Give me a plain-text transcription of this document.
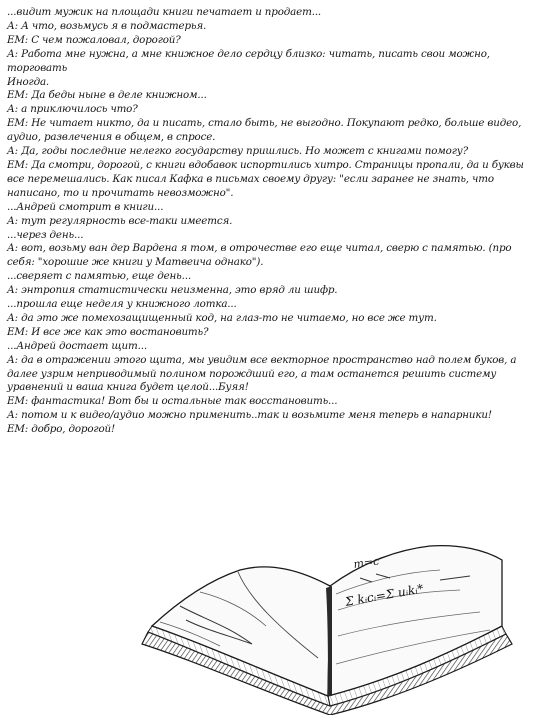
...видит мужик на площади книги печатает и продает...
А: А что, возьмусь я в подмастерья.
ЕМ: С чем пожаловал, дорогой?
А: Работа мне нужна, а мне книжное дело сердцу близко: читать, писать свои можно, торговать
Иногда.
ЕМ: Да беды ныне в деле книжном...
А: а приключилось что?
ЕМ: Не читает никто, да и писать, стало быть, не выгодно. Покупают редко, больше видео, аудио, развлечения в общем, в спросе.
А: Да, годы последние нелегко государству пришлись. Но может с книгами помогу?
ЕМ: Да смотри, дорогой, с книги вдобавок испортились хитро. Страницы пропали, да и буквы все перемешались. Как писал Кафка в письмах своему другу: "если заранее не знать, что написано, то и прочитать невозможно".
...Андрей смотрит в книги...
А: тут регулярность все-таки имеется.
...через день...
А: вот, возьму ван дер Вардена я том, в отрочестве его еще читал, сверю с памятью. (про себя: "хорошие же книги у Матвеича однако").
...сверяет с памятью, еще день...
А: энтропия статистически неизменна, это вряд ли шифр.
...прошла еще неделя у книжного лотка...
А: да это же помехозащищенный код, на глаз-то не читаемо, но все же тут.
ЕМ: И все же как это востановить?
...Андрей достает щит...
А: да в отражении этого щита, мы увидим все векторное пространство над полем буков, а далее узрим неприводимый полином порождший его, а там останется решить систему уравнений и ваша книга будет целой...Буяя!
ЕМ: фантастика! Вот бы и остальные так восстановить...
А: потом и к видео/аудио можно применить..так и возьмите меня теперь в напарники!
ЕМ: добро, дорогой!
m=c
Σ kᵢcᵢ=Σ uᵢkᵢ*
